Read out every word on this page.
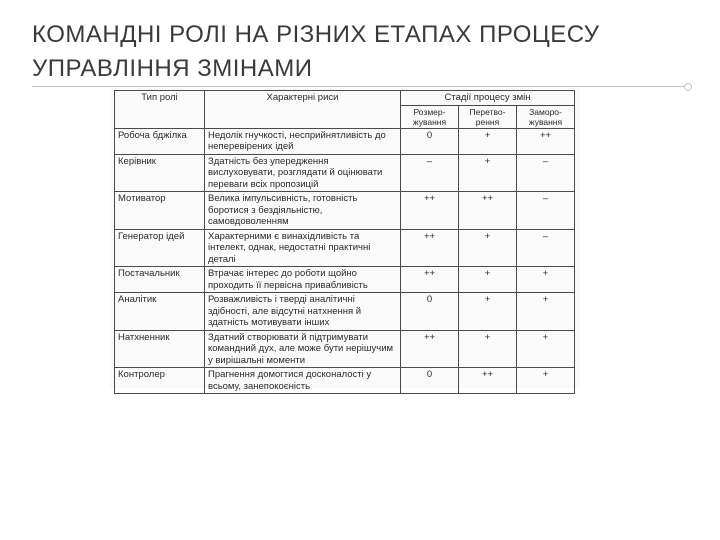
КОМАНДНІ РОЛІ НА РІЗНИХ ЕТАПАХ ПРОЦЕСУ
УПРАВЛІННЯ ЗМІНАМИ
Тип ролі	Характерні риси	Стадії процесу змін		
		Розмер-жування	Перетво-рення	Заморо-жування
Робоча бджілка	Недолік гнучкості, несприйнятливість до неперевірених ідей	0	+	++
Керівник	Здатність без упередження вислуховувати, розглядати й оцінювати переваги всіх пропозицій	–	+	–
Мотиватор	Велика імпульсивність, готовність боротися з бездіяльністю, самовдоволенням	++	++	–
Генератор ідей	Характерними є винахідливість та інтелект, однак, недостатні практичні деталі	++	+	–
Постачальник	Втрачає інтерес до роботи щойно проходить її первісна привабливість	++	+	+
Аналітик	Розважливість і тверді аналітичні здібності, але відсутні натхнення й здатність мотивувати інших	0	+	+
Натхненник	Здатний створювати й підтримувати командний дух, але може бути нерішучим у вирішальні моменти	++	+	+
Контролер	Прагнення домогтися досконалості у всьому, занепокоєність	0	++	+
